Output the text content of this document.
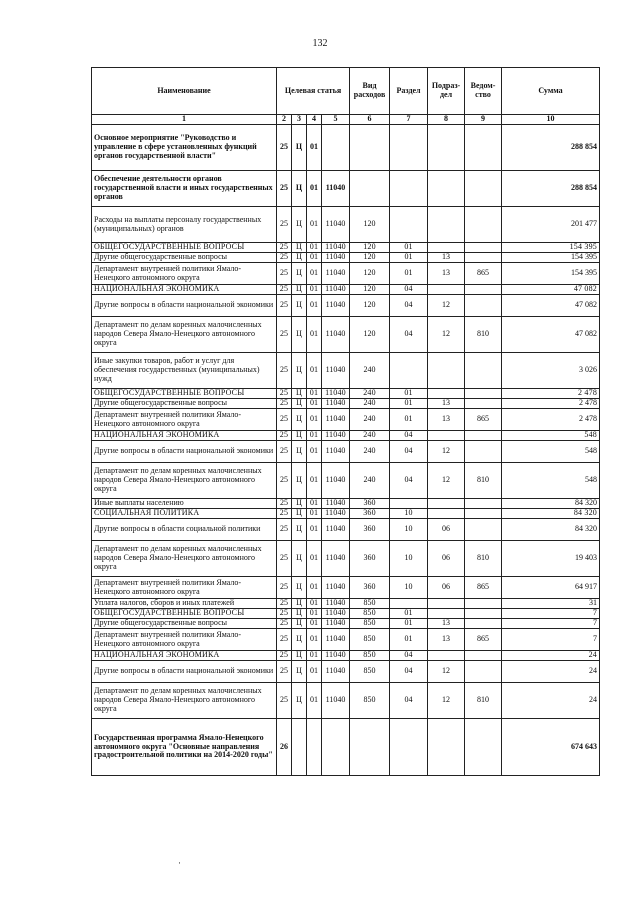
132
Наименование	Целевая статья				Вид расходов	Раздел	Подраз-дел	Ведом-ство	Сумма
1	2	3	4	5	6	7	8	9	10
Основное мероприятие "Руководство и управление в сфере установленных функций органов государственной власти"	25	Ц	01						288 854
Обеспечение деятельности органов государственной власти и иных государственных органов	25	Ц	01	11040					288 854
Расходы на выплаты персоналу государственных (муниципальных) органов	25	Ц	01	11040	120				201 477
ОБЩЕГОСУДАРСТВЕННЫЕ ВОПРОСЫ	25	Ц	01	11040	120	01			154 395
Другие общегосударственные вопросы	25	Ц	01	11040	120	01	13		154 395
Департамент внутренней политики Ямало-Ненецкого автономного округа	25	Ц	01	11040	120	01	13	865	154 395
НАЦИОНАЛЬНАЯ ЭКОНОМИКА	25	Ц	01	11040	120	04			47 082
Другие вопросы в области национальной экономики	25	Ц	01	11040	120	04	12		47 082
Департамент по делам коренных малочисленных народов Севера Ямало-Ненецкого автономного округа	25	Ц	01	11040	120	04	12	810	47 082
Иные закупки товаров, работ и услуг для обеспечения государственных (муниципальных) нужд	25	Ц	01	11040	240				3 026
ОБЩЕГОСУДАРСТВЕННЫЕ ВОПРОСЫ	25	Ц	01	11040	240	01			2 478
Другие общегосударственные вопросы	25	Ц	01	11040	240	01	13		2 478
Департамент внутренней политики Ямало-Ненецкого автономного округа	25	Ц	01	11040	240	01	13	865	2 478
НАЦИОНАЛЬНАЯ ЭКОНОМИКА	25	Ц	01	11040	240	04			548
Другие вопросы в области национальной экономики	25	Ц	01	11040	240	04	12		548
Департамент по делам коренных малочисленных народов Севера Ямало-Ненецкого автономного округа	25	Ц	01	11040	240	04	12	810	548
Иные выплаты населению	25	Ц	01	11040	360				84 320
СОЦИАЛЬНАЯ ПОЛИТИКА	25	Ц	01	11040	360	10			84 320
Другие вопросы в области социальной политики	25	Ц	01	11040	360	10	06		84 320
Департамент по делам коренных малочисленных народов Севера Ямало-Ненецкого автономного округа	25	Ц	01	11040	360	10	06	810	19 403
Департамент внутренней политики Ямало-Ненецкого автономного округа	25	Ц	01	11040	360	10	06	865	64 917
Уплата налогов, сборов и иных платежей	25	Ц	01	11040	850				31
ОБЩЕГОСУДАРСТВЕННЫЕ ВОПРОСЫ	25	Ц	01	11040	850	01			7
Другие общегосударственные вопросы	25	Ц	01	11040	850	01	13		7
Департамент внутренней политики Ямало-Ненецкого автономного округа	25	Ц	01	11040	850	01	13	865	7
НАЦИОНАЛЬНАЯ ЭКОНОМИКА	25	Ц	01	11040	850	04			24
Другие вопросы в области национальной экономики	25	Ц	01	11040	850	04	12		24
Департамент по делам коренных малочисленных народов Севера Ямало-Ненецкого автономного округа	25	Ц	01	11040	850	04	12	810	24
Государственная программа Ямало-Ненецкого автономного округа "Основные направления градостроительной политики на 2014-2020 годы"	26								674 643
·
